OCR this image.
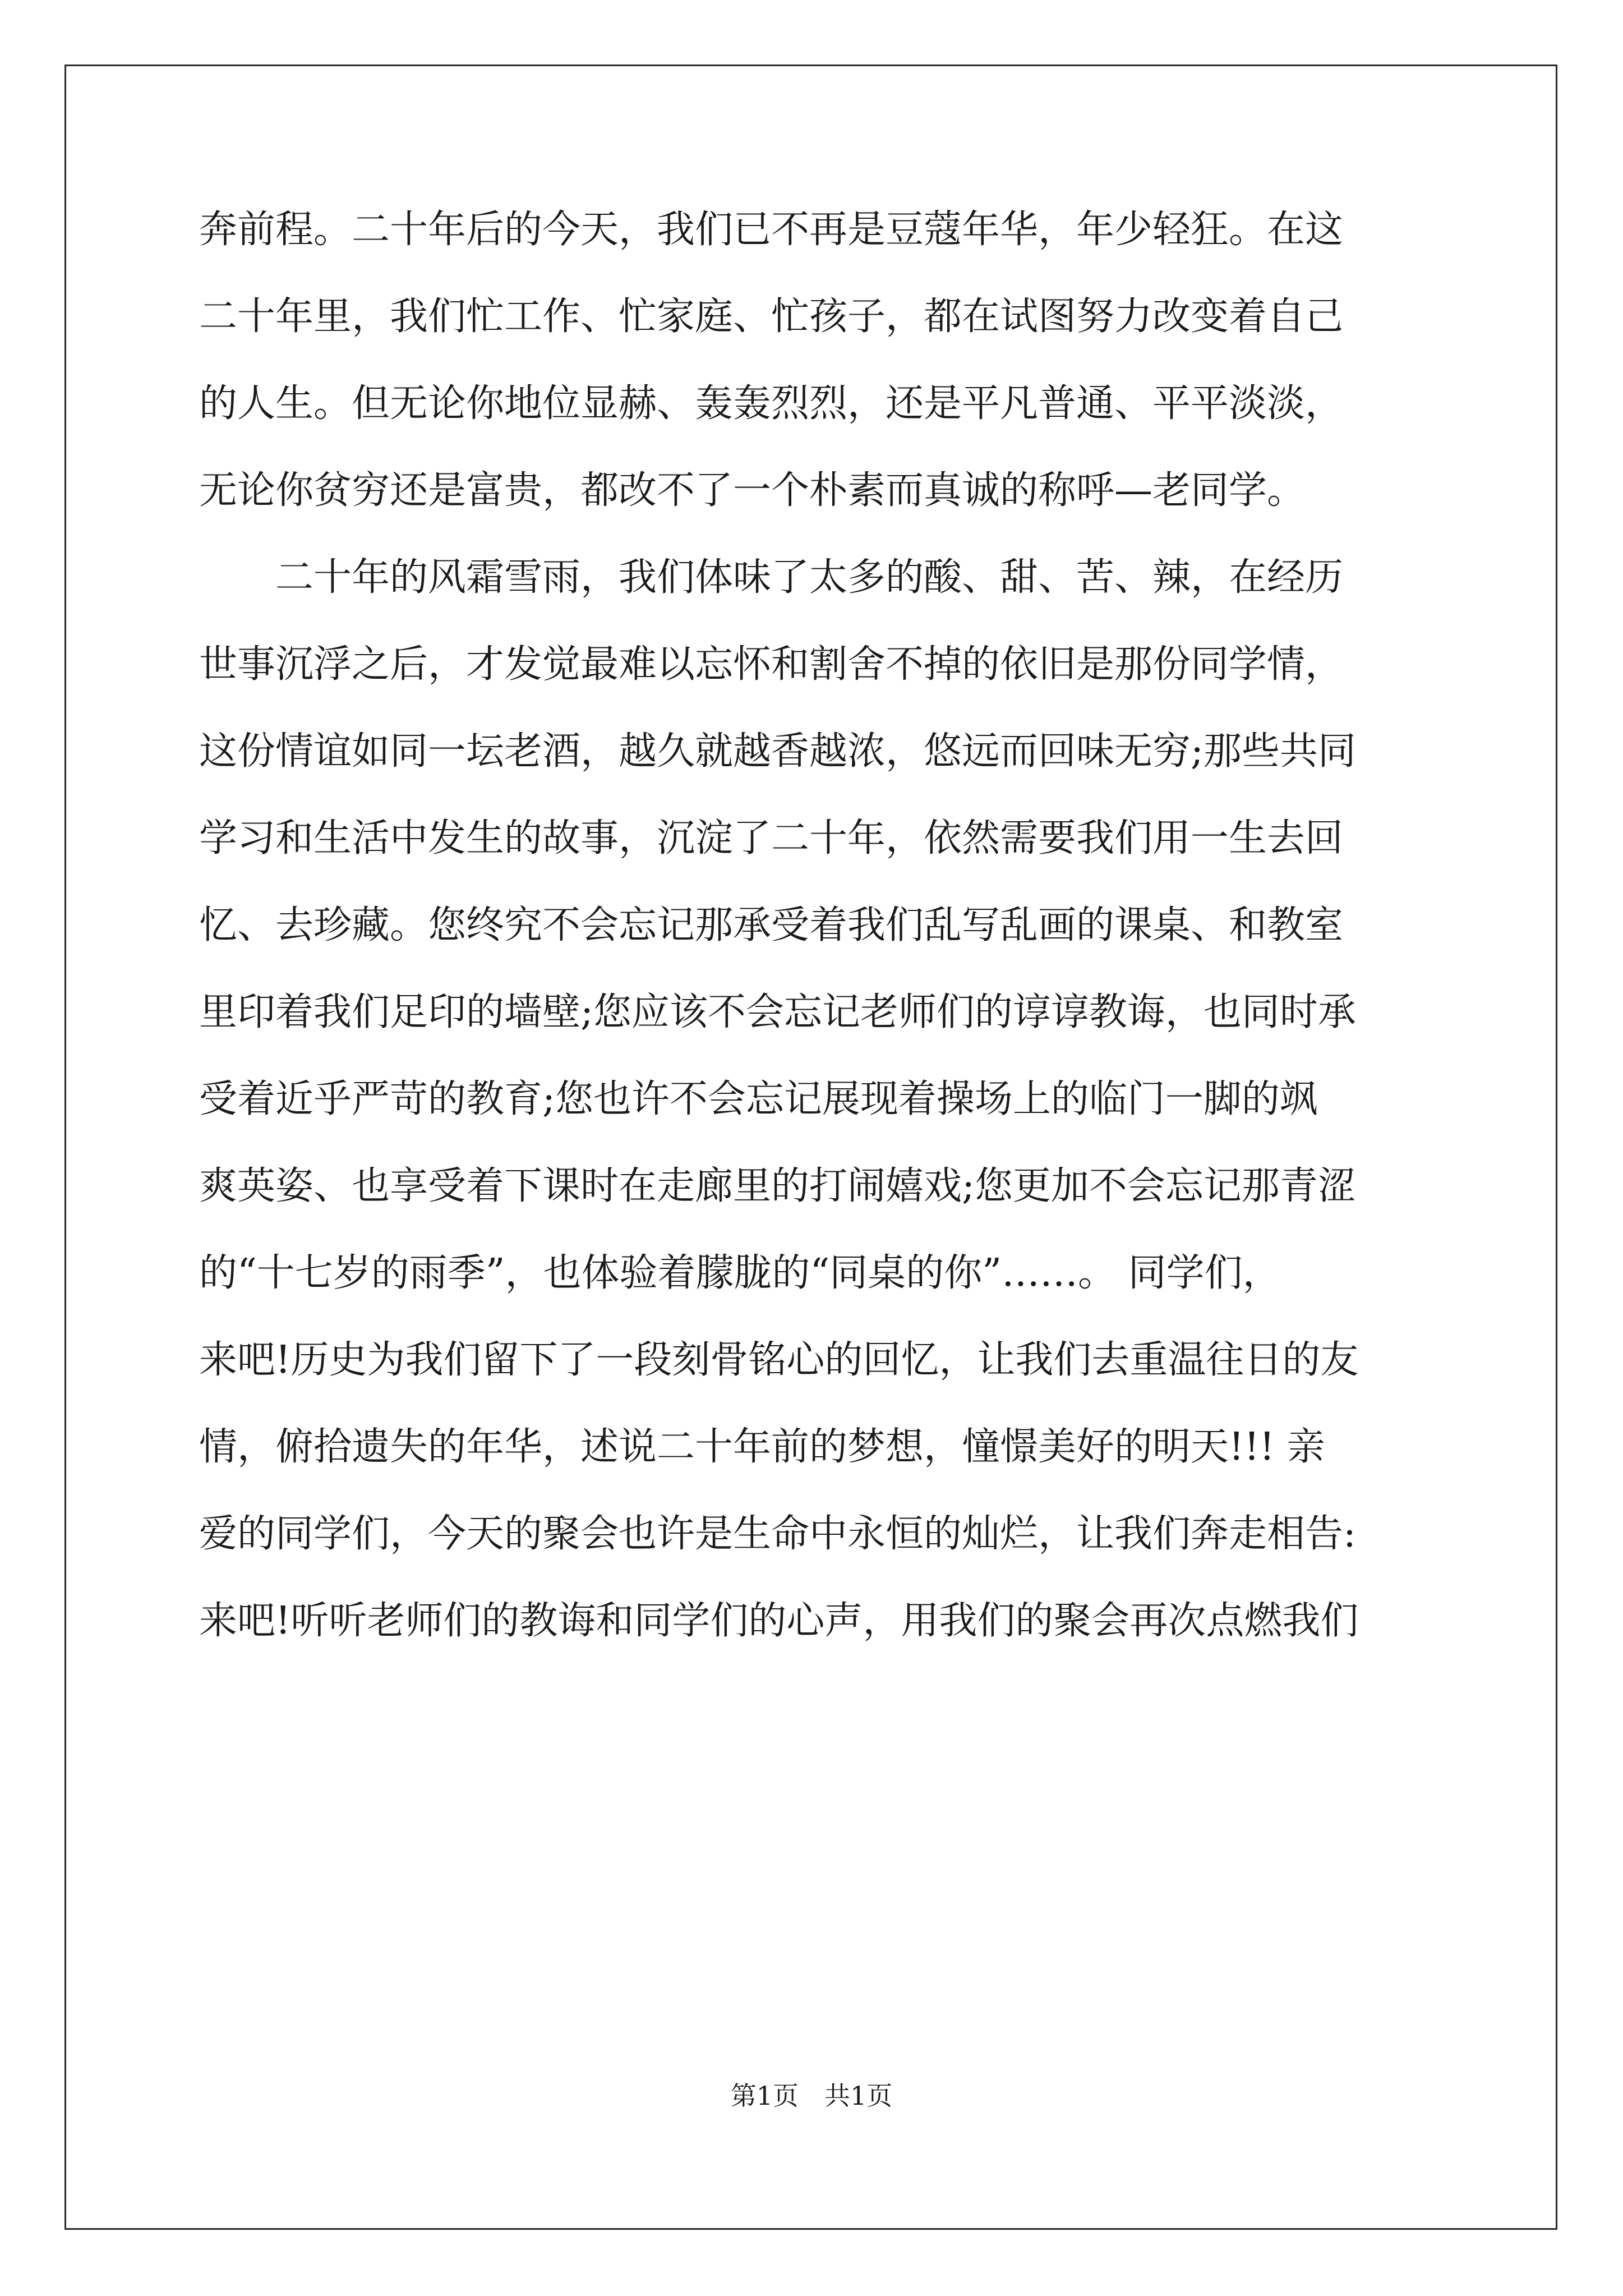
奔前程。二十年后的今天，我们已不再是豆蔻年华，年少轻狂。在这
二十年里，我们忙工作、忙家庭、忙孩子，都在试图努力改变着自己
的人生。但无论你地位显赫、轰轰烈烈，还是平凡普通、平平淡淡，
无论你贫穷还是富贵，都改不了一个朴素而真诚的称呼—老同学。
　　二十年的风霜雪雨，我们体味了太多的酸、甜、苦、辣，在经历
世事沉浮之后，才发觉最难以忘怀和割舍不掉的依旧是那份同学情，
这份情谊如同一坛老酒，越久就越香越浓，悠远而回味无穷;那些共同
学习和生活中发生的故事，沉淀了二十年，依然需要我们用一生去回
忆、去珍藏。您终究不会忘记那承受着我们乱写乱画的课桌、和教室
里印着我们足印的墙壁;您应该不会忘记老师们的谆谆教诲，也同时承
受着近乎严苛的教育;您也许不会忘记展现着操场上的临门一脚的飒
爽英姿、也享受着下课时在走廊里的打闹嬉戏;您更加不会忘记那青涩
的“十七岁的雨季”，也体验着朦胧的“同桌的你”……。 同学们，
来吧!历史为我们留下了一段刻骨铭心的回忆，让我们去重温往日的友
情，俯拾遗失的年华，述说二十年前的梦想，憧憬美好的明天!!! 亲
爱的同学们，今天的聚会也许是生命中永恒的灿烂，让我们奔走相告:
来吧!听听老师们的教诲和同学们的心声，用我们的聚会再次点燃我们
第1页　共1页
